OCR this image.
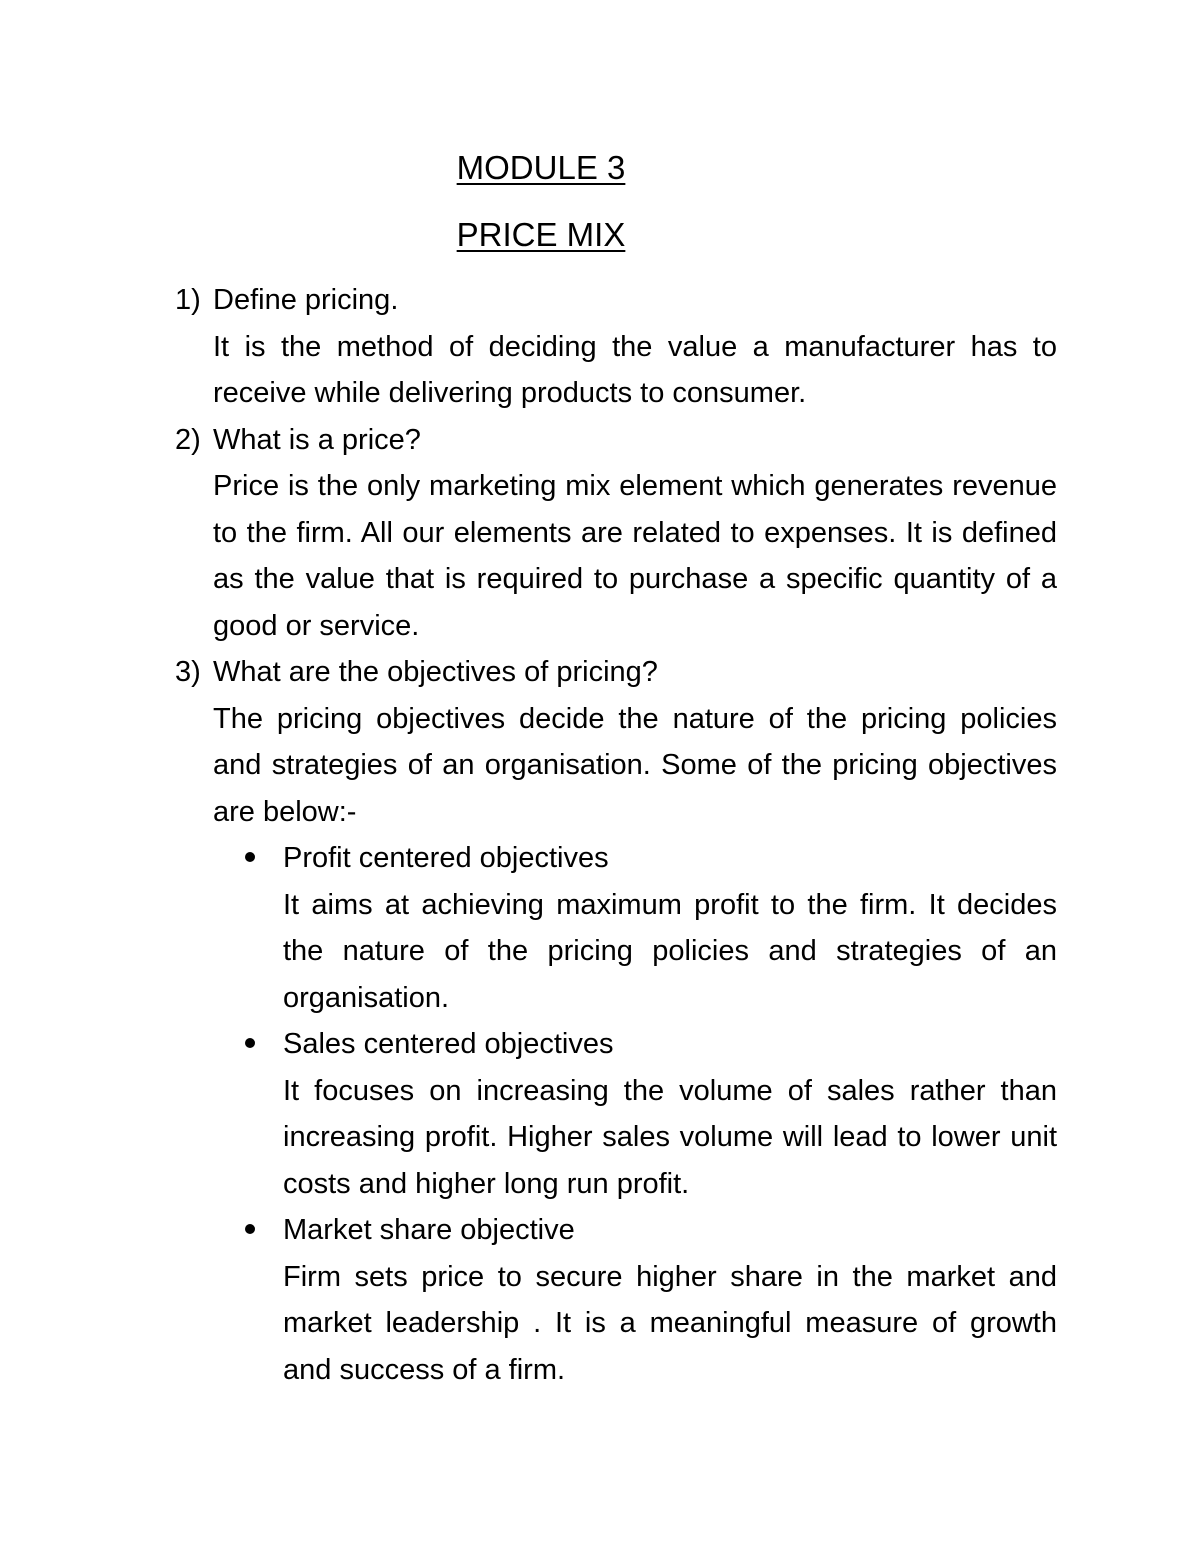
MODULE 3
PRICE MIX
1) Define pricing.
It is the method of deciding the value a manufacturer has to receive while delivering products to consumer.
2) What is a price?
Price is the only marketing mix element which generates revenue to the firm. All our elements are related to expenses. It is defined as the value that is required to purchase a specific quantity of a good or service.
3) What are the objectives of pricing?
The pricing objectives decide the nature of the pricing policies and strategies of an organisation. Some of the pricing objectives are below:-
Profit centered objectives
It aims at achieving maximum profit to the firm. It decides the nature of the pricing policies and strategies of an organisation.
Sales centered objectives
It focuses on increasing the volume of sales rather than increasing profit. Higher sales volume will lead to lower unit costs and higher long run profit.
Market share objective
Firm sets price to secure higher share in the market and market leadership . It is a meaningful measure of growth and success of a firm.
